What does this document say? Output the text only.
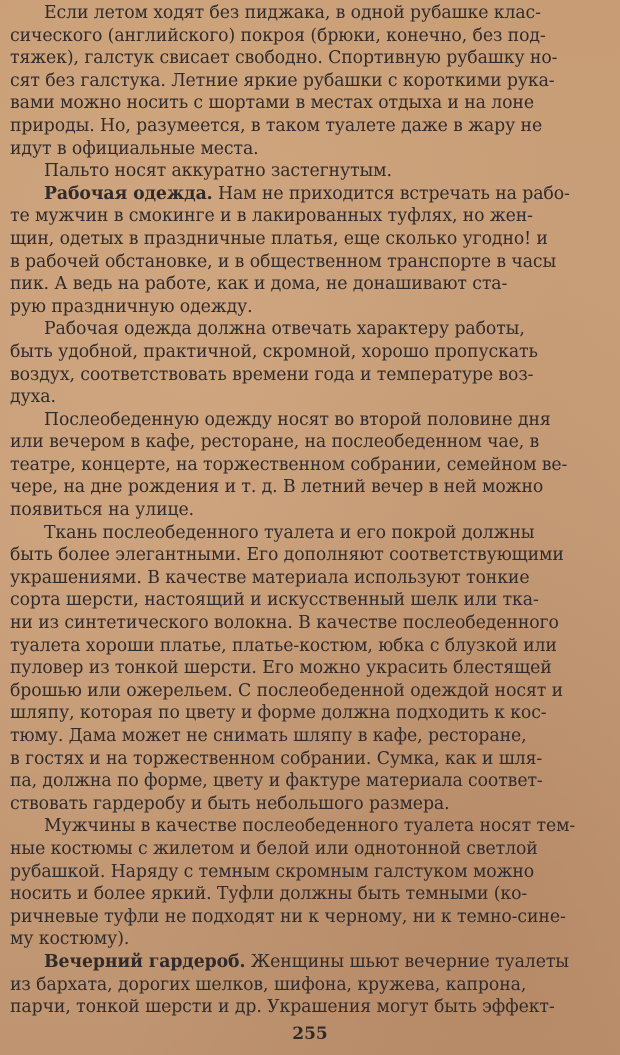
Если летом ходят без пиджака, в одной рубашке клас-
сического (английского) покроя (брюки, конечно, без под-
тяжек), галстук свисает свободно. Спортивную рубашку но-
сят без галстука. Летние яркие рубашки с короткими рука-
вами можно носить с шортами в местах отдыха и на лоне
природы. Но, разумеется, в таком туалете даже в жару не
идут в официальные места.

Пальто носят аккуратно застегнутым.

Рабочая одежда. Нам не приходится встречать на рабо-
те мужчин в смокинге и в лакированных туфлях, но жен-
щин, одетых в праздничные платья, еще сколько угодно! и
в рабочей обстановке, и в общественном транспорте в часы
пик. А ведь на работе, как и дома, не донашивают ста-
рую праздничную одежду.

Рабочая одежда должна отвечать характеру работы,
быть удобной, практичной, скромной, хорошо пропускать
воздух, соответствовать времени года и температуре воз-
духа.

Послеобеденную одежду носят во второй половине дня
или вечером в кафе, ресторане, на послеобеденном чае, в
театре, концерте, на торжественном собрании, семейном ве-
чере, на дне рождения и т. д. В летний вечер в ней можно
появиться на улице.

Ткань послеобеденного туалета и его покрой должны
быть более элегантными. Его дополняют соответствующими
украшениями. В качестве материала используют тонкие
сорта шерсти, настоящий и искусственный шелк или тка-
ни из синтетического волокна. В качестве послеобеденного
туалета хороши платье, платье-костюм, юбка с блузкой или
пуловер из тонкой шерсти. Его можно украсить блестящей
брошью или ожерельем. С послеобеденной одеждой носят и
шляпу, которая по цвету и форме должна подходить к кос-
тюму. Дама может не снимать шляпу в кафе, ресторане,
в гостях и на торжественном собрании. Сумка, как и шля-
па, должна по форме, цвету и фактуре материала соответ-
ствовать гардеробу и быть небольшого размера.

Мужчины в качестве послеобеденного туалета носят тем-
ные костюмы с жилетом и белой или однотонной светлой
рубашкой. Наряду с темным скромным галстуком можно
носить и более яркий. Туфли должны быть темными (ко-
ричневые туфли не подходят ни к черному, ни к темно-сине-
му костюму).

Вечерний гардероб. Женщины шьют вечерние туалеты
из бархата, дорогих шелков, шифона, кружева, капрона,
парчи, тонкой шерсти и др. Украшения могут быть эффект-

255
